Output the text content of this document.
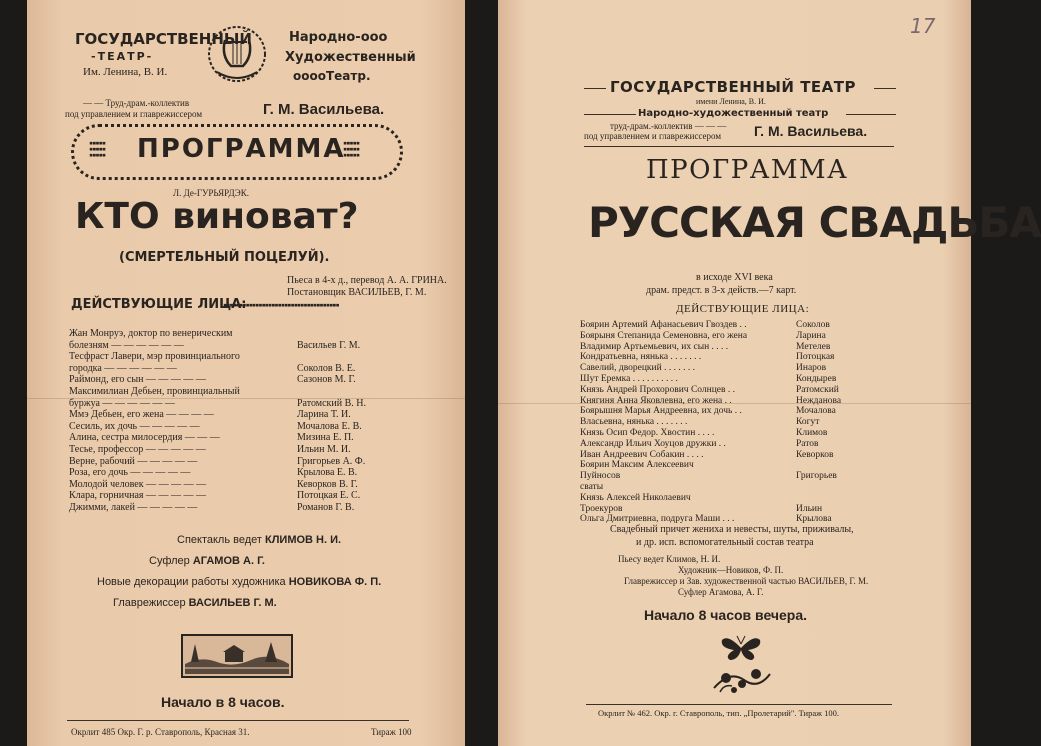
ГОСУДАРСТВЕННЫЙ
-ТЕАТР-
Им. Ленина, В. И.
Народно-ооо
Художественный
ооооТеатр.
— — Труд-драм.-коллектив
под управлением и главрежиссером	Г. М. Васильева.
▪▪▪▪▪
▪▪▪▪▪
▪▪▪▪▪
▪▪▪▪▪
▪▪▪▪▪
▪▪▪▪▪
ПРОГРАММА
Л. Де-ГУРЬЯРДЭК.
КТО виноват?
(СМЕРТЕЛЬНЫЙ ПОЦЕЛУЙ).
Пьеса в 4-х д., перевод А. А. ГРИНА.
Постановщик ВАСИЛЬЕВ, Г. М.
ДЕЙСТВУЮЩИЕ ЛИЦА:
▪▪▪▪▪▪▪▪▪▪▪▪▪▪▪▪▪▪▪▪▪▪▪▪▪▪▪▪▪▪▪▪▪▪▪▪
Жан Монруэ, доктор по венерическим
болезням — — — — — —	Васильев Г. М.
Тесфраст Лавери, мэр провинциального
городка — — — — — —	Соколов В. Е.
Раймонд, его сын — — — — —	Сазонов М. Г.
Максимилиан Дебьен, провинциальный
буржуа — — — — — —	Ратомский В. Н.
Ммэ Дебьен, его жена — — — —	Ларина Т. И.
Сесиль, их дочь — — — — —	Мочалова Е. В.
Алина, сестра милосердия — — —	Мизина Е. П.
Тесье, профессор — — — — —	Ильин М. И.
Верне, рабочий — — — — —	Григорьев А. Ф.
Роза, его дочь — — — — —	Крылова Е. В.
Молодой человек — — — — —	Кеворков В. Г.
Клара, горничная — — — — —	Потоцкая Е. С.
Джимми, лакей — — — — —	Романов Г. В.
Спектакль ведет КЛИМОВ Н. И.
Суфлер АГАМОВ А. Г.
Новые декорации работы художника НОВИКОВА Ф. П.
Главрежиссер ВАСИЛЬЕВ Г. М.
Начало в 8 часов.
Окрлит 485 Окр. Г. р. Ставрополь, Красная 31.	Тираж 100
17
ГОСУДАРСТВЕННЫЙ ТЕАТР
имени Ленина, В. И.
Народно-художественный театр
труд-драм.-коллектив — — —
под управлением и главрежиссером Г. М. Васильева.
ПРОГРАММА
РУССКАЯ СВАДЬБА
в исходе XVI века
драм. предст. в 3-х действ.—7 карт.
ДЕЙСТВУЮЩИЕ ЛИЦА:
Боярин Артемий Афанасьевич Гвоздев . .	Соколов
Боярыня Степанида Семеновна, его жена	Ларина
Владимир Артьемьевич, их сын . . . .	Метелев
Кондратьевна, нянька . . . . . . .	Потоцкая
Савелий, дворецкий . . . . . . .	Инаров
Шут Еремка . . . . . . . . . .	Кондырев
Князь Андрей Прохорович Солнцев . .	Ратомский
Княгиня Анна Яковлевна, его жена . .	Нежданова
Боярышня Марья Андреевна, их дочь . .	Мочалова
Власьевна, нянька . . . . . . .	Когут
Князь Осип Федор. Хвостин . . . .	Климов
Александр Ильич Хоуцов дружки . .	Ратов
Иван Андреевич Собакин . . . .	Кеворков
Боярин Максим Алексеевич
Пуйносов	Григорьев
сваты
Князь Алексей Николаевич
Троекуров	Ильин
Ольга Дмитриевна, подруга Маши . . .	Крылова
Свадебный причет жениха и невесты, шуты, приживалы,
и др. исп. вспомогательный состав театра
Пьесу ведет Климов, Н. И.
Художник—Новиков, Ф. П.
Главрежиссер и Зав. художественной частью ВАСИЛЬЕВ, Г. М.
Суфлер Агамова, А. Г.
Начало 8 часов вечера.
Окрлит № 462. Окр. г. Ставрополь, тип. „Пролетарий". Тираж 100.
